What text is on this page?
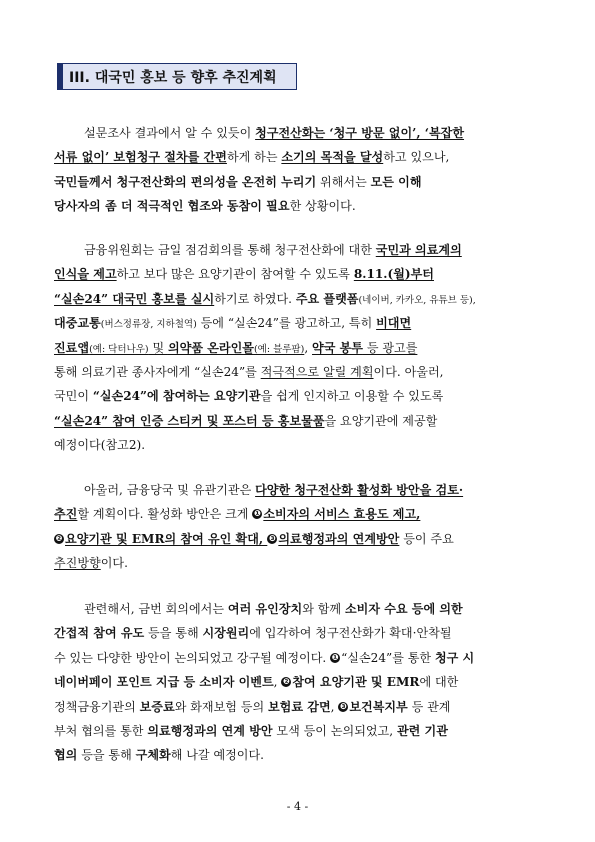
III. 대국민 홍보 등 향후 추진계획
설문조사 결과에서 알 수 있듯이 청구전산화는 ‘청구 방문 없이’, ‘복잡한
서류 없이’ 보험청구 절차를 간편하게 하는 소기의 목적을 달성하고 있으나,
국민들께서 청구전산화의 편의성을 온전히 누리기 위해서는 모든 이해
당사자의 좀 더 적극적인 협조와 동참이 필요한 상황이다.
금융위원회는 금일 점검회의를 통해 청구전산화에 대한 국민과 의료계의
인식을 제고하고 보다 많은 요양기관이 참여할 수 있도록 8.11.(월)부터
“실손24” 대국민 홍보를 실시하기로 하였다. 주요 플랫폼(네이버, 카카오, 유튜브 등),
대중교통(버스정류장, 지하철역) 등에 “실손24”를 광고하고, 특히 비대면
진료앱(예: 닥터나우) 및 의약품 온라인몰(예: 블루팜), 약국 봉투 등 광고를
통해 의료기관 종사자에게 “실손24”를 적극적으로 알릴 계획이다. 아울러,
국민이 “실손24”에 참여하는 요양기관을 쉽게 인지하고 이용할 수 있도록
“실손24” 참여 인증 스티커 및 포스터 등 홍보물품을 요양기관에 제공할
예정이다(참고2).
아울러, 금융당국 및 유관기관은 다양한 청구전산화 활성화 방안을 검토·
추진할 계획이다. 활성화 방안은 크게 ❶ 소비자의 서비스 효용도 제고,
❷ 요양기관 및 EMR의 참여 유인 확대, ❸ 의료행정과의 연계방안 등이 주요
추진방향이다.
관련해서, 금번 회의에서는 여러 유인장치와 함께 소비자 수요 등에 의한
간접적 참여 유도 등을 통해 시장원리에 입각하여 청구전산화가 확대·안착될
수 있는 다양한 방안이 논의되었고 강구될 예정이다. ❶ “실손24”를 통한 청구 시
네이버페이 포인트 지급 등 소비자 이벤트, ❷ 참여 요양기관 및 EMR에 대한
정책금융기관의 보증료와 화재보험 등의 보험료 감면, ❸ 보건복지부 등 관계
부처 협의를 통한 의료행정과의 연계 방안 모색 등이 논의되었고, 관련 기관
협의 등을 통해 구체화해 나갈 예정이다.
- 4 -
